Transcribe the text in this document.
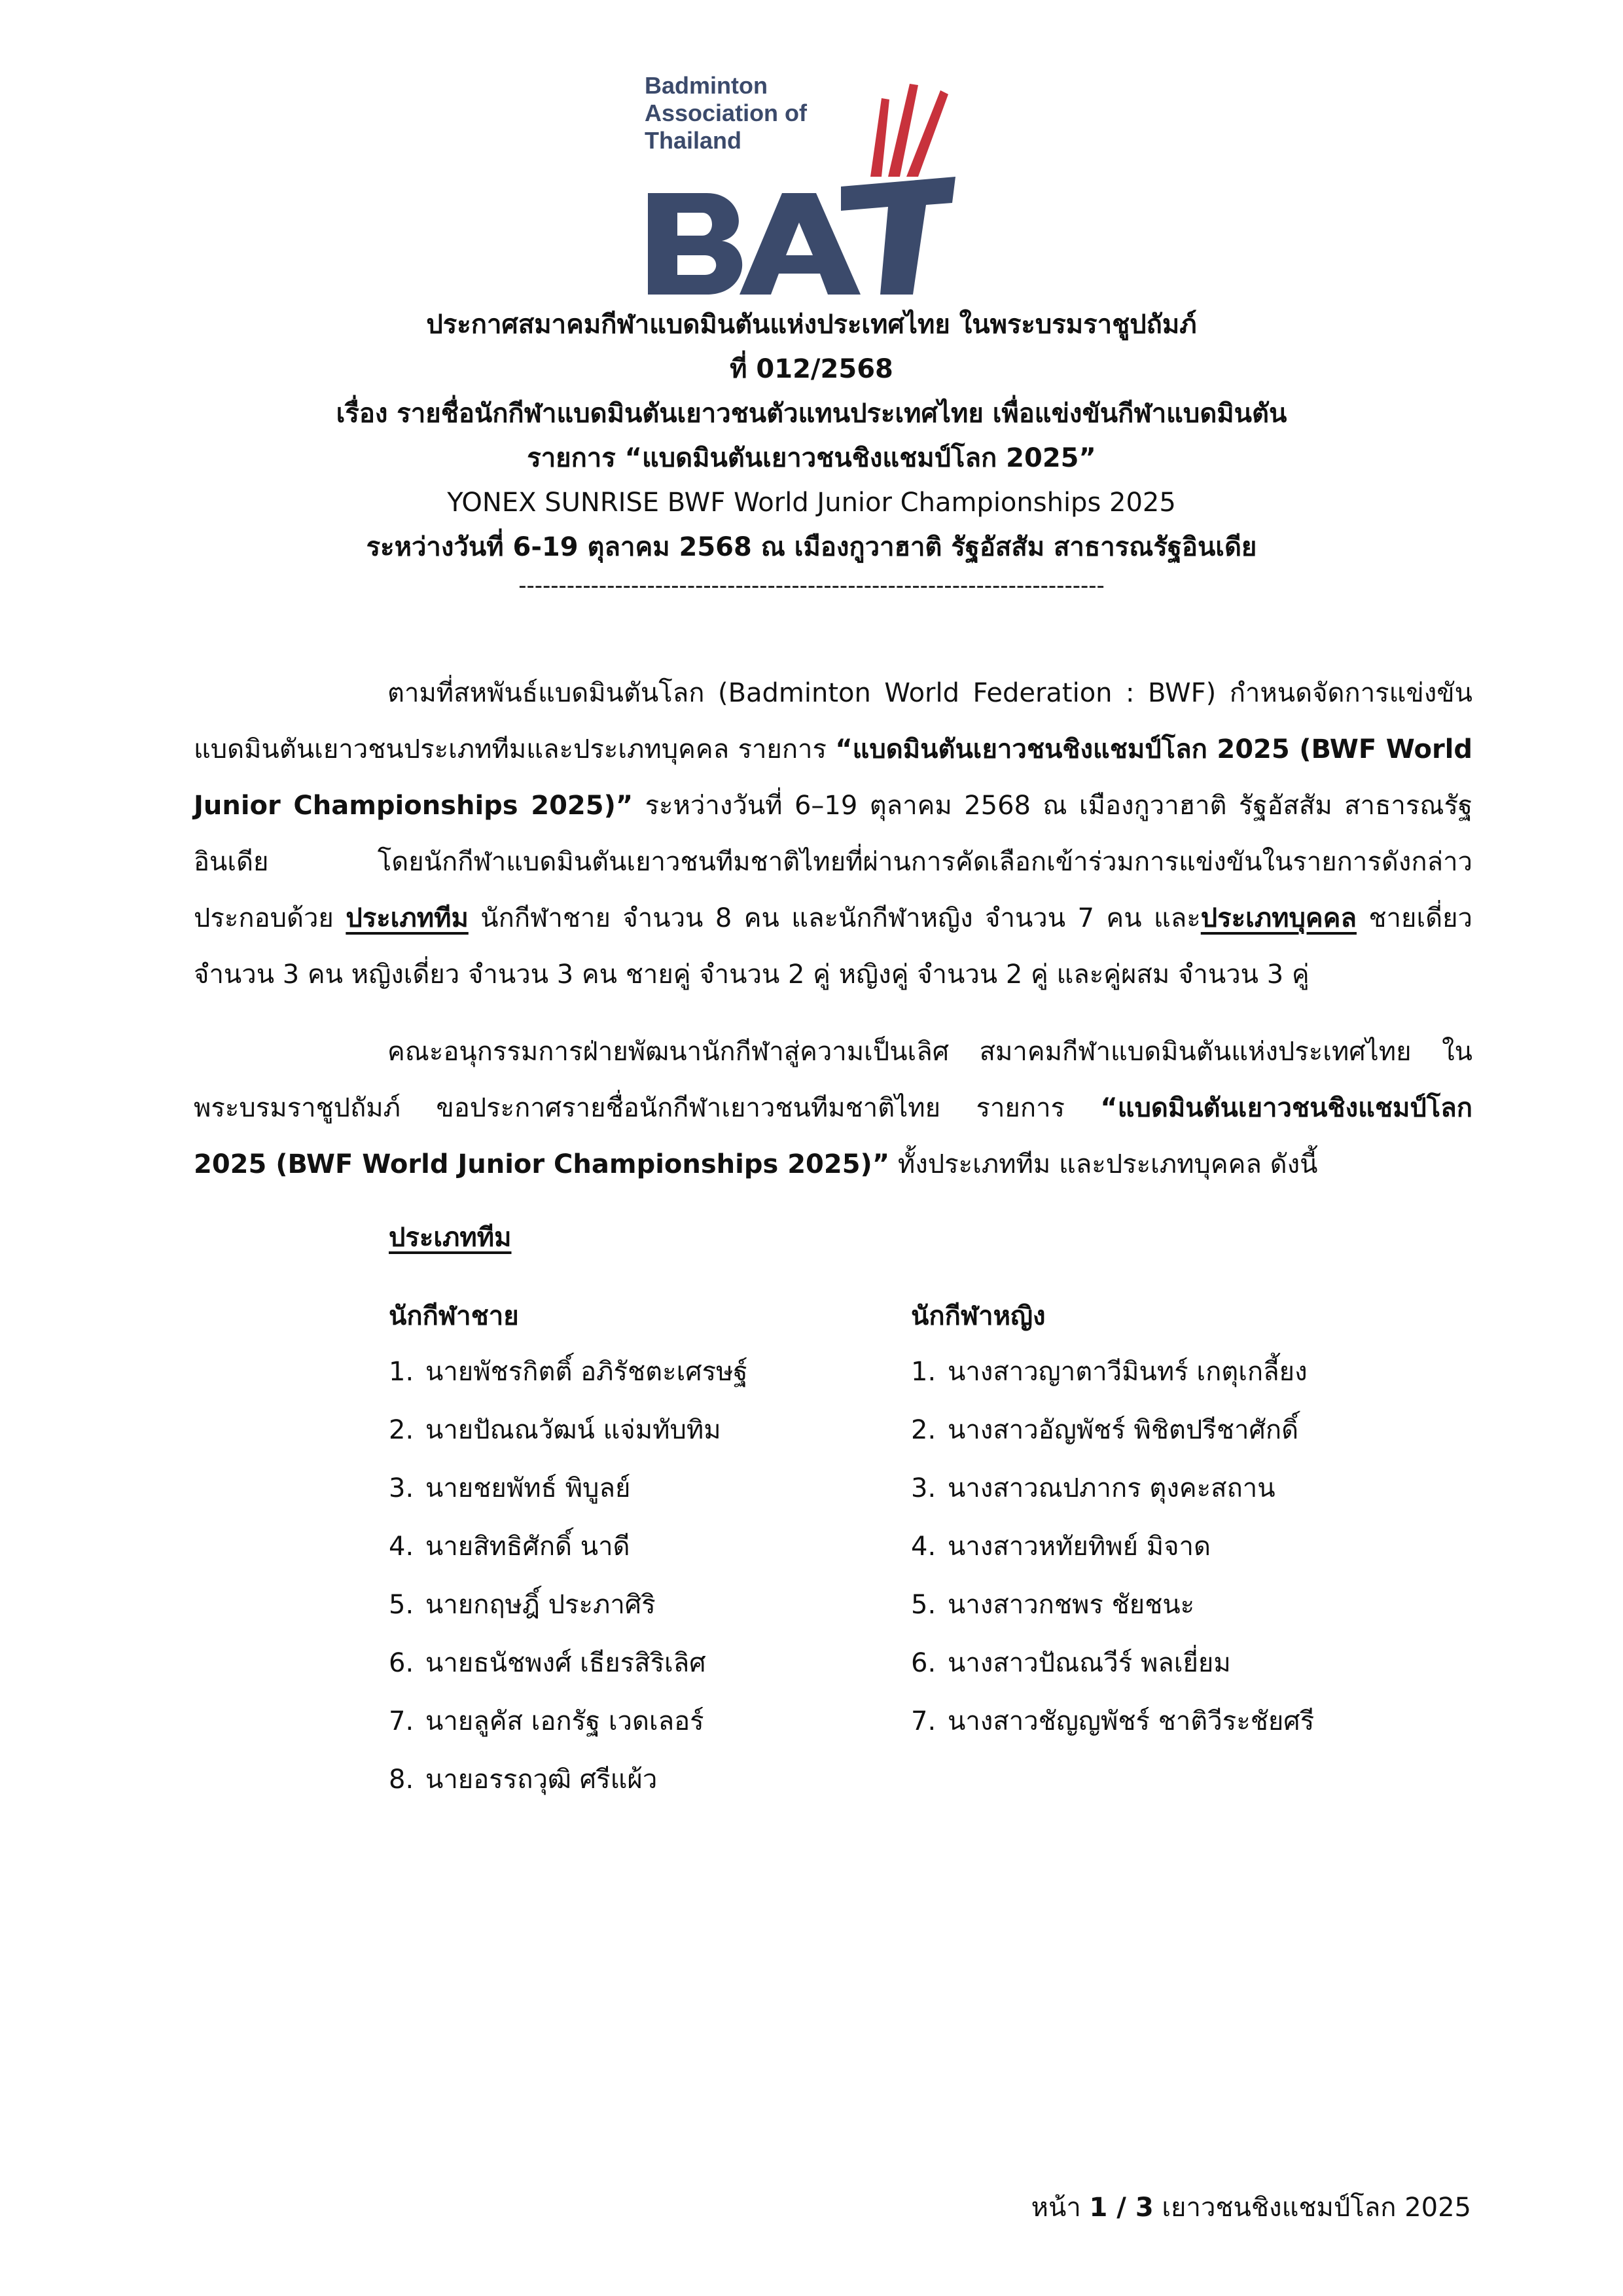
Badminton
Association of
Thailand
ประกาศสมาคมกีฬาแบดมินตันแห่งประเทศไทย ในพระบรมราชูปถัมภ์
ที่ 012/2568
เรื่อง รายชื่อนักกีฬาแบดมินตันเยาวชนตัวแทนประเทศไทย เพื่อแข่งขันกีฬาแบดมินตัน
รายการ “แบดมินตันเยาวชนชิงแชมป์โลก 2025”
YONEX SUNRISE BWF World Junior Championships 2025
ระหว่างวันที่ 6-19 ตุลาคม 2568 ณ เมืองกูวาฮาติ รัฐอัสสัม สาธารณรัฐอินเดีย
-------------------------------------------------------------------------
ตามที่สหพันธ์แบดมินตันโลก (Badminton World Federation : BWF) กำหนดจัดการแข่งขันแบดมินตันเยาวชนประเภททีมและประเภทบุคคล รายการ “แบดมินตันเยาวชนชิงแชมป์โลก 2025 (BWF World Junior Championships 2025)” ระหว่างวันที่ 6–19 ตุลาคม 2568 ณ เมืองกูวาฮาติ รัฐอัสสัม สาธารณรัฐอินเดีย โดยนักกีฬาแบดมินตันเยาวชนทีมชาติไทยที่ผ่านการคัดเลือกเข้าร่วมการแข่งขันในรายการดังกล่าว ประกอบด้วย ประเภททีม นักกีฬาชาย จำนวน 8 คน และนักกีฬาหญิง จำนวน 7 คน และประเภทบุคคล ชายเดี่ยว จำนวน 3 คน หญิงเดี่ยว จำนวน 3 คน ชายคู่ จำนวน 2 คู่ หญิงคู่ จำนวน 2 คู่ และคู่ผสม จำนวน 3 คู่
คณะอนุกรรมการฝ่ายพัฒนานักกีฬาสู่ความเป็นเลิศ สมาคมกีฬาแบดมินตันแห่งประเทศไทย ในพระบรมราชูปถัมภ์ ขอประกาศรายชื่อนักกีฬาเยาวชนทีมชาติไทย รายการ “แบดมินตันเยาวชนชิงแชมป์โลก 2025 (BWF World Junior Championships 2025)” ทั้งประเภททีม และประเภทบุคคล ดังนี้
ประเภททีม
นักกีฬาชาย	นักกีฬาหญิง
1. นายพัชรกิตติ์ อภิรัชตะเศรษฐ์
2. นายปัณณวัฒน์ แจ่มทับทิม
3. นายชยพัทธ์ พิบูลย์
4. นายสิทธิศักดิ์ นาดี
5. นายกฤษฎิ์ ประภาศิริ
6. นายธนัชพงศ์ เธียรสิริเลิศ
7. นายลูคัส เอกรัฐ เวดเลอร์
8. นายอรรถวุฒิ ศรีแผ้ว
1. นางสาวญาตาวีมินทร์ เกตุเกลี้ยง
2. นางสาวอัญพัชร์ พิชิตปรีชาศักดิ์
3. นางสาวณปภากร ตุงคะสถาน
4. นางสาวหทัยทิพย์ มิจาด
5. นางสาวกชพร ชัยชนะ
6. นางสาวปัณณวีร์ พลเยี่ยม
7. นางสาวชัญญพัชร์ ชาติวีระชัยศรี
หน้า 1 / 3 เยาวชนชิงแชมป์โลก 2025
